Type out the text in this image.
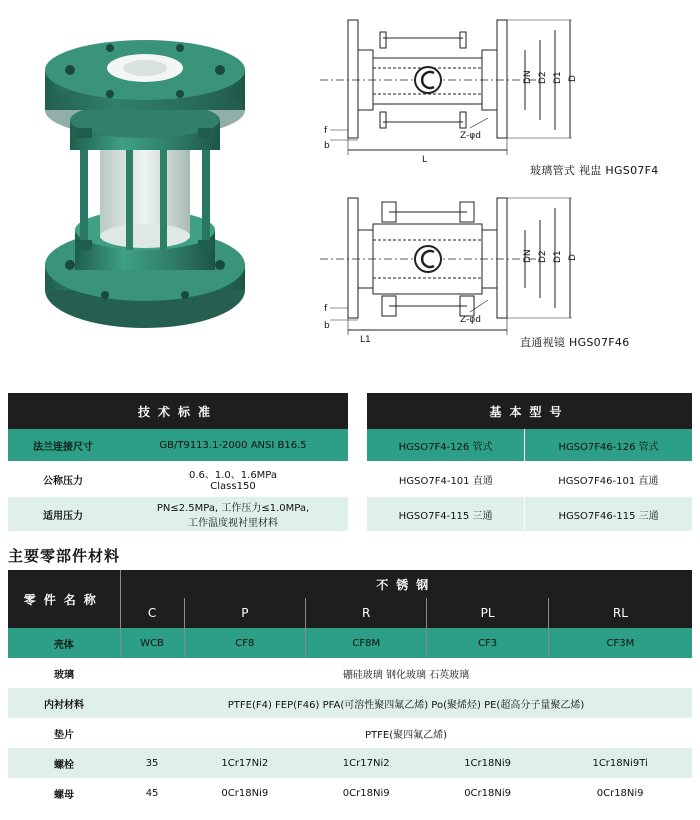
DN D2 D1 D
L
f
b
Z-φd
玻璃管式 视盅 HGS07F4
DN D2 D1 D
L1
f
b
Z-φd
直通视镜 HGS07F46
技术标准	
法兰连接尺寸	GB/T9113.1-2000 ANSI B16.5
公称压力	0.6、1.0、1.6MPa
Class150

适用压力	PN≤2.5MPa, 工作压力≤1.0MPa,
工作温度视衬里材料
基本型号	
HGSO7F4-126 管式	HGSO7F46-126 管式
HGSO7F4-101 直通	HGSO7F46-101 直通
HGSO7F4-115 三通	HGSO7F46-115 三通
主要零部件材料
零件名称	不锈钢				
	C	P	R	PL	RL
壳体	WCB	CF8	CF8M	CF3	CF3M
玻璃	硼硅玻璃 钢化玻璃 石英玻璃				
内衬材料	PTFE(F4) FEP(F46) PFA(可溶性聚四氟乙烯) Po(聚烯烃) PE(超高分子量聚乙烯)				
垫片	PTFE(聚四氟乙烯)				
螺栓	35	1Cr17Ni2	1Cr17Ni2	1Cr18Ni9	1Cr18Ni9Ti
螺母	45	0Cr18Ni9	0Cr18Ni9	0Cr18Ni9	0Cr18Ni9
